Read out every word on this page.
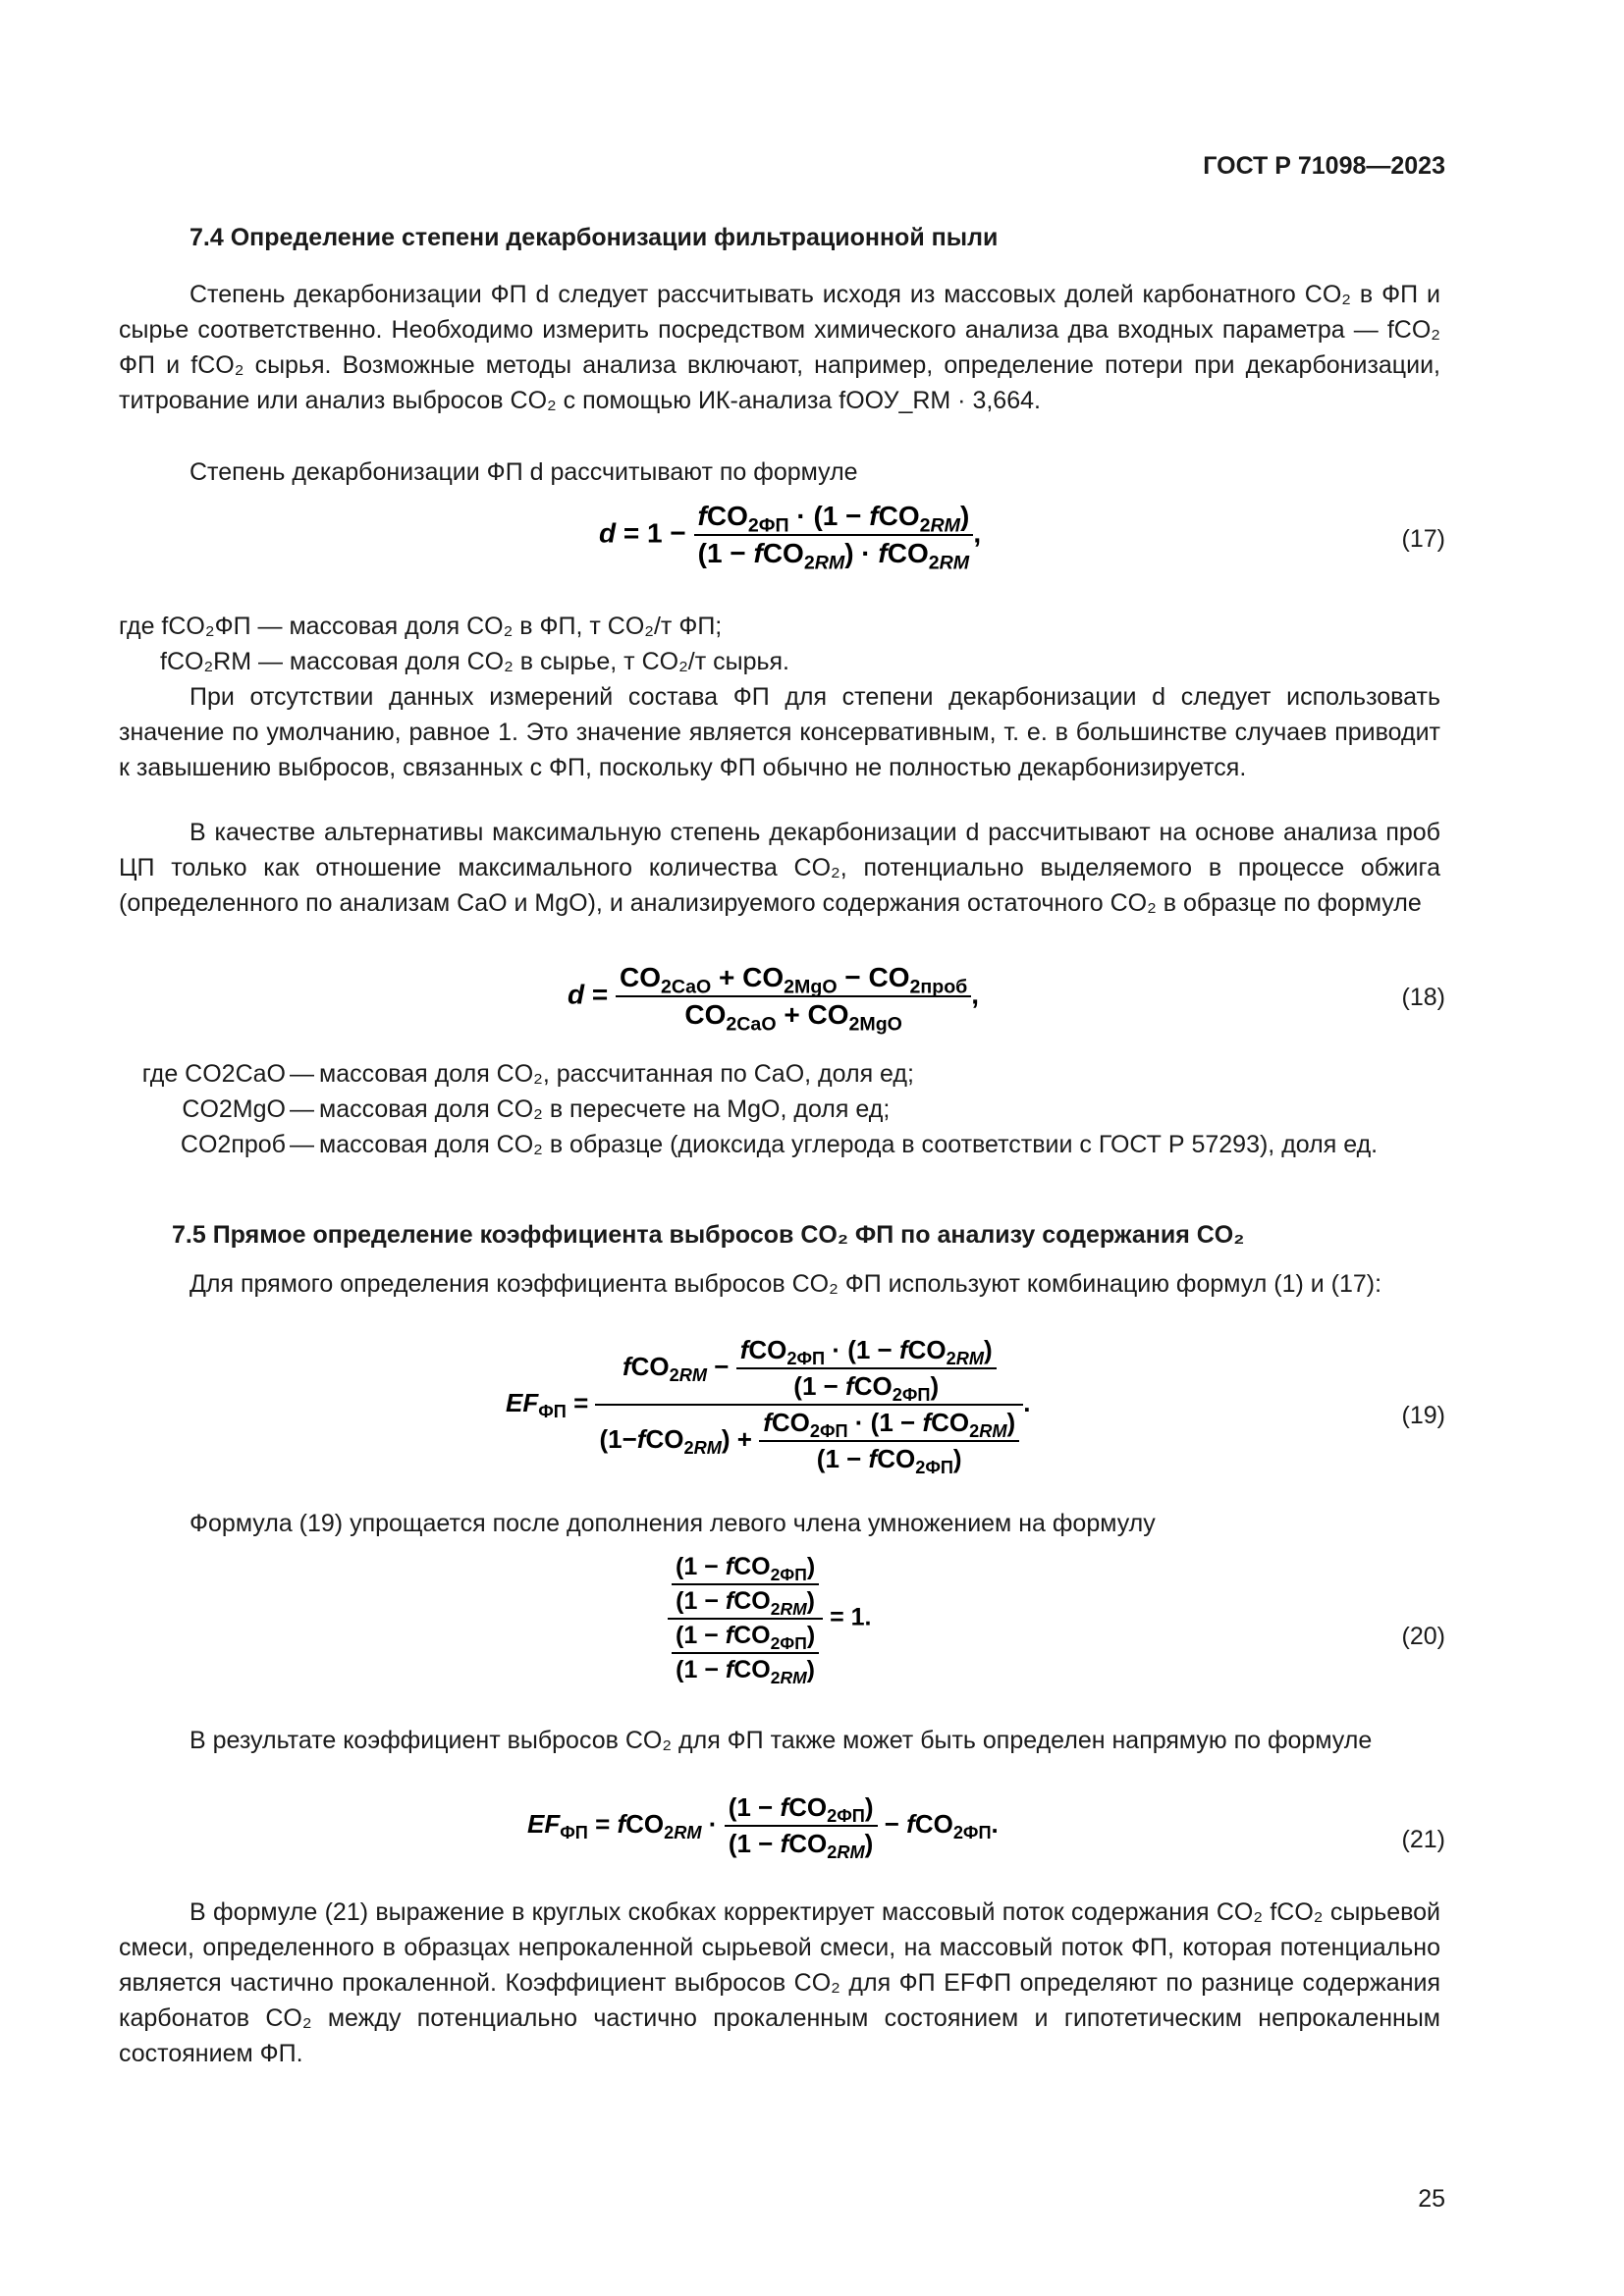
ГОСТ Р 71098—2023
7.4 Определение степени декарбонизации фильтрационной пыли
Степень декарбонизации ФП d следует рассчитывать исходя из массовых долей карбонатного CO₂ в ФП и сырье соответственно. Необходимо измерить посредством химического анализа два входных параметра — fCO₂ ФП и fCO₂ сырья. Возможные методы анализа включают, например, определение потери при декарбонизации, титрование или анализ выбросов CO₂ с помощью ИК-анализа fООУ_RM · 3,664.
Степень декарбонизации ФП d рассчитывают по формуле
$d = 1 - \frac{fCO_{2ФП} \cdot (1 - fCO_{2RM})}{(1 - fCO_{2RM}) \cdot fCO_{2RM}}$ ,	(17)
где fCO₂ФП — массовая доля CO₂ в ФП, т CO₂/т ФП;
fCO₂RM — массовая доля CO₂ в сырье, т CO₂/т сырья.
При отсутствии данных измерений состава ФП для степени декарбонизации d следует использовать значение по умолчанию, равное 1. Это значение является консервативным, т. е. в большинстве случаев приводит к завышению выбросов, связанных с ФП, поскольку ФП обычно не полностью декарбонизируется.
В качестве альтернативы максимальную степень декарбонизации d рассчитывают на основе анализа проб ЦП только как отношение максимального количества CO₂, потенциально выделяемого в процессе обжига (определенного по анализам CaO и MgO), и анализируемого содержания остаточного CO₂ в образце по формуле
$d = \frac{CO_{2CaO} + CO_{2MgO} - CO_{2проб}}{CO_{2CaO} + CO_{2MgO}}$ ,	(18)
где CO2CaO — массовая доля CO₂, рассчитанная по CaO, доля ед;
CO2MgO — массовая доля CO₂ в пересчете на MgO, доля ед;
CO2проб — массовая доля CO₂ в образце (диоксида углерода в соответствии с ГОСТ Р 57293), доля ед.
7.5 Прямое определение коэффициента выбросов CO₂ ФП по анализу содержания CO₂
Для прямого определения коэффициента выбросов CO₂ ФП используют комбинацию формул (1) и (17):
$EF_{ФП}$ =
$fCO_{2RM} - \frac{fCO_{2ФП} \cdot (1 - fCO_{2RM})}{(1 - fCO_{2ФП})}$
$(1-fCO_{2RM}) + \frac{fCO_{2ФП} \cdot (1 - fCO_{2RM})}{(1 - fCO_{2ФП})}$
.	(19)
Формула (19) упрощается после дополнения левого члена умножением на формулу
$\frac{\frac{(1 - fCO_{2ФП})}{(1 - fCO_{2RM})}}{\frac{(1 - fCO_{2ФП})}{(1 - fCO_{2RM})}} = 1$.
(20)
В результате коэффициент выбросов CO₂ для ФП также может быть определен напрямую по формуле
$EF_{ФП} = fCO_{2RM} \cdot \frac{(1 - fCO_{2ФП})}{(1 - fCO_{2RM})} - fCO_{2ФП}$.
(21)
В формуле (21) выражение в круглых скобках корректирует массовый поток содержания CO₂ fCO₂ сырьевой смеси, определенного в образцах непрокаленной сырьевой смеси, на массовый поток ФП, которая потенциально является частично прокаленной. Коэффициент выбросов CO₂ для ФП EFФП определяют по разнице содержания карбонатов CO₂ между потенциально частично прокаленным состоянием и гипотетическим непрокаленным состоянием ФП.
25
